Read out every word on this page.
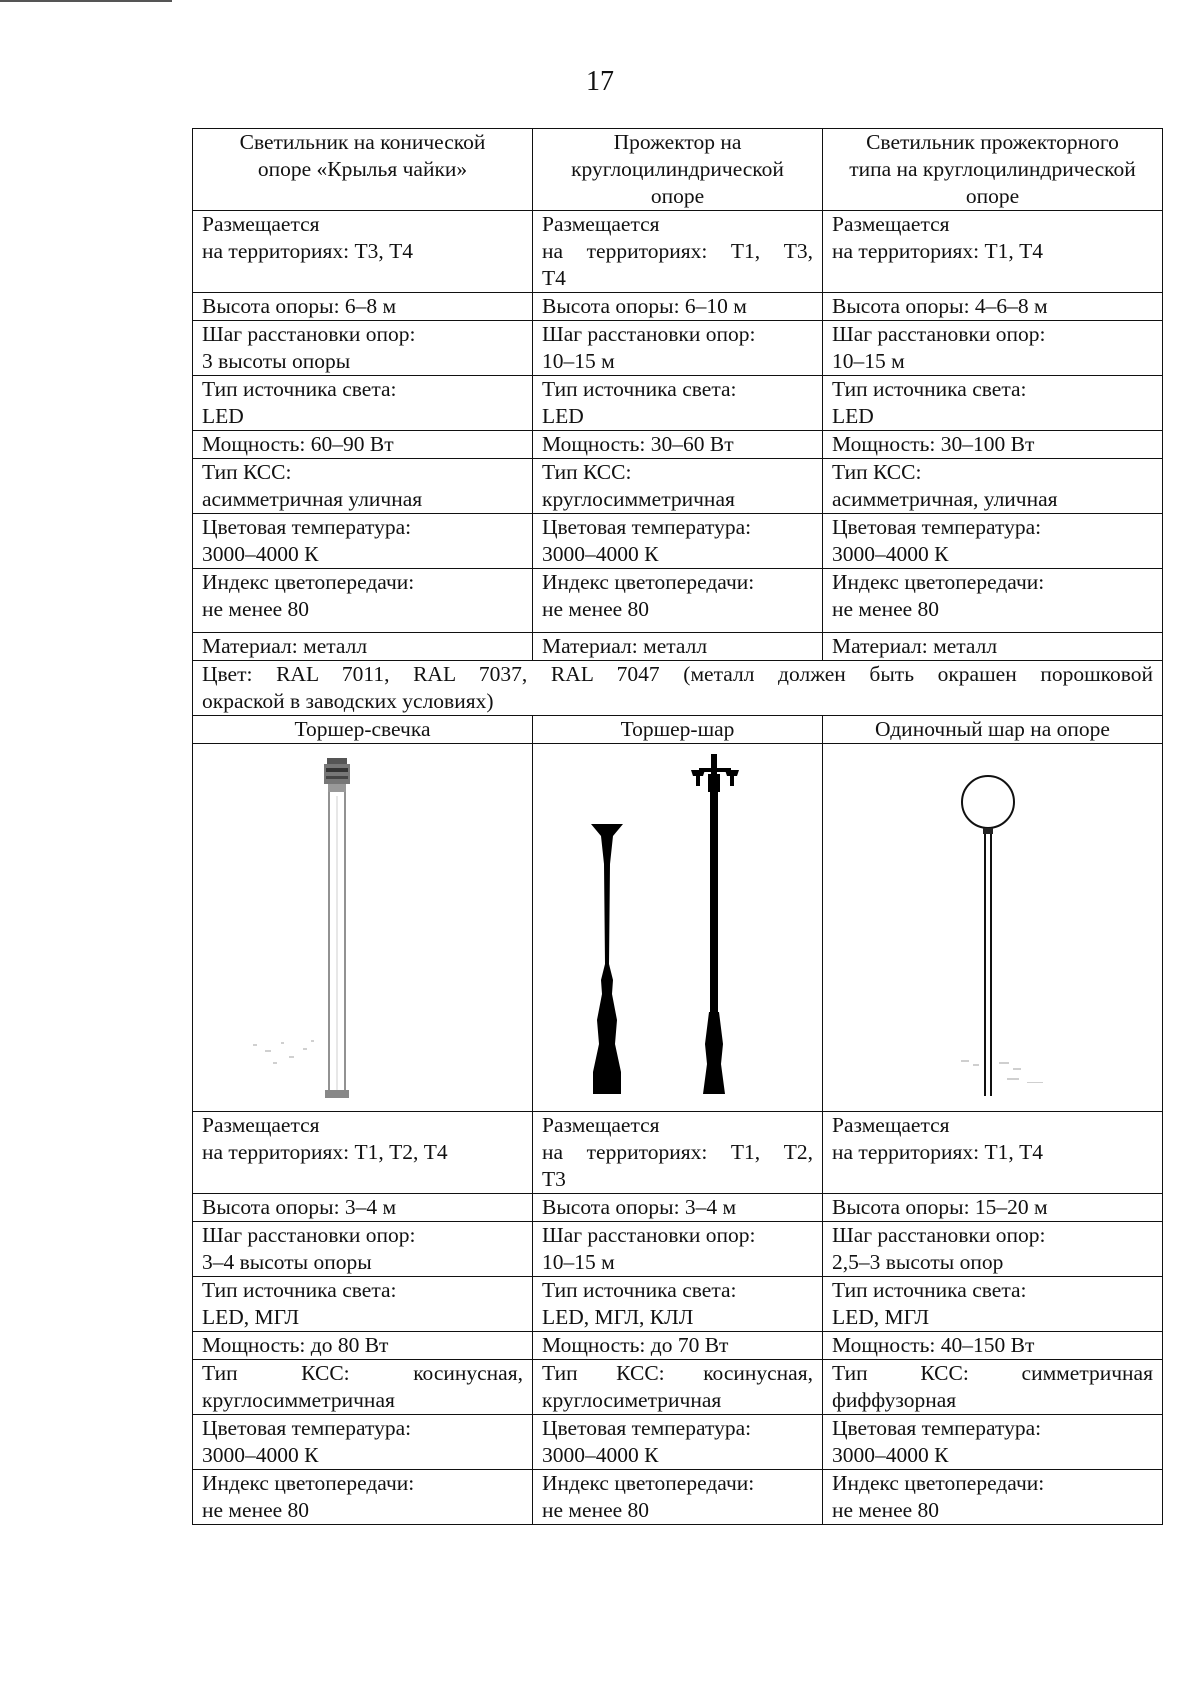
17
Светильник на конической
опоре «Крылья чайки»	Прожектор на
круглоцилиндрической
опоре	Светильник прожекторного
типа на круглоцилиндрической
опоре

Размещается
на территориях: Т3, Т4	Размещается
на территориях: Т1, Т3,
Т4	Размещается
на территориях: Т1, Т4

Высота опоры: 6–8 м	Высота опоры: 6–10 м	Высота опоры: 4–6–8 м

Шаг расстановки опор:
3 высоты опоры	Шаг расстановки опор:
10–15 м	Шаг расстановки опор:
10–15 м

Тип источника света:
LED	Тип источника света:
LED	Тип источника света:
LED

Мощность: 60–90 Вт	Мощность: 30–60 Вт	Мощность: 30–100 Вт

Тип КСС:
асимметричная уличная	Тип КСС:
круглосимметричная	Тип КСС:
асимметричная, уличная

Цветовая температура:
3000–4000 К	Цветовая температура:
3000–4000 К	Цветовая температура:
3000–4000 К

Индекс цветопередачи:
не менее 80	Индекс цветопередачи:
не менее 80	Индекс цветопередачи:
не менее 80

Материал: металл	Материал: металл	Материал: металл

Цвет: RAL 7011, RAL 7037, RAL 7047 (металл должен быть окрашен порошковой
окраской в заводских условиях)		

Торшер-свечка	Торшер-шар	Одиночный шар на опоре

Размещается
на территориях: Т1, Т2, Т4	Размещается
на территориях: Т1, Т2,
Т3	Размещается
на территориях: Т1, Т4

Высота опоры: 3–4 м	Высота опоры: 3–4 м	Высота опоры: 15–20 м

Шаг расстановки опор:
3–4 высоты опоры	Шаг расстановки опор:
10–15 м	Шаг расстановки опор:
2,5–3 высоты опор

Тип источника света:
LED, МГЛ	Тип источника света:
LED, МГЛ, КЛЛ	Тип источника света:
LED, МГЛ

Мощность: до 80 Вт	Мощность: до 70 Вт	Мощность: 40–150 Вт

Тип КСС: косинусная,
круглосимметричная	Тип КСС: косинусная,
круглосиметричная	Тип КСС: симметричная
фиффузорная

Цветовая температура:
3000–4000 К	Цветовая температура:
3000–4000 К	Цветовая температура:
3000–4000 К

Индекс цветопередачи:
не менее 80	Индекс цветопередачи:
не менее 80	Индекс цветопередачи:
не менее 80
